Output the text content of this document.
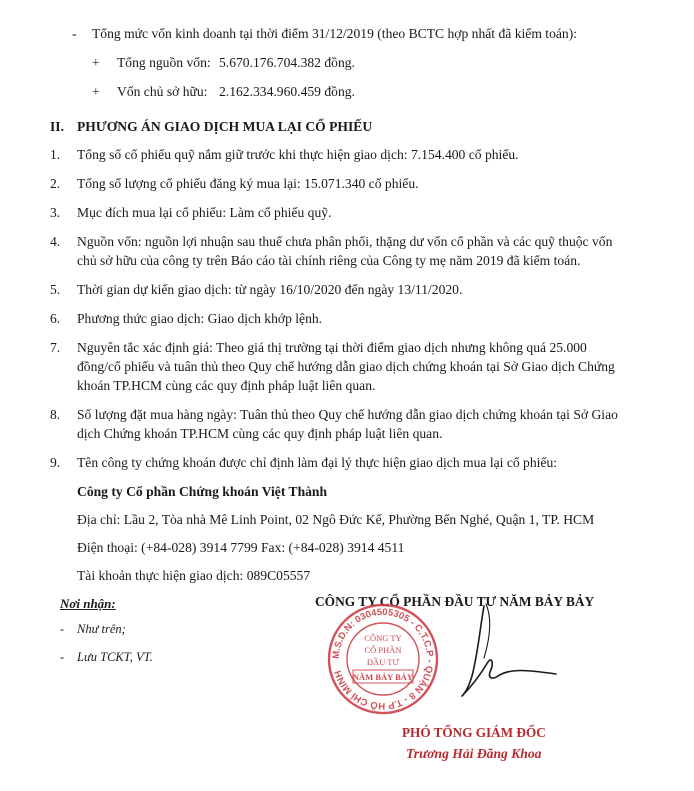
- Tổng mức vốn kinh doanh tại thời điểm 31/12/2019 (theo BCTC hợp nhất đã kiểm toán):
+ Tổng nguồn vốn: 5.670.176.704.382 đồng.
+ Vốn chủ sở hữu: 2.162.334.960.459 đồng.
II. PHƯƠNG ÁN GIAO DỊCH MUA LẠI CỔ PHIẾU
1. Tổng số cổ phiếu quỹ nắm giữ trước khi thực hiện giao dịch: 7.154.400 cổ phiếu.
2. Tổng số lượng cổ phiếu đăng ký mua lại: 15.071.340 cổ phiếu.
3. Mục đích mua lại cổ phiếu: Làm cổ phiếu quỹ.
4. Nguồn vốn: nguồn lợi nhuận sau thuế chưa phân phối, thặng dư vốn cổ phần và các quỹ thuộc vốn
chủ sở hữu của công ty trên Báo cáo tài chính riêng của Công ty mẹ năm 2019 đã kiểm toán.
5. Thời gian dự kiến giao dịch: từ ngày 16/10/2020 đến ngày 13/11/2020.
6. Phương thức giao dịch: Giao dịch khớp lệnh.
7. Nguyên tắc xác định giá: Theo giá thị trường tại thời điểm giao dịch nhưng không quá 25.000
đồng/cổ phiếu và tuân thủ theo Quy chế hướng dẫn giao dịch chứng khoán tại Sở Giao dịch Chứng
khoán TP.HCM cùng các quy định pháp luật liên quan.
8. Số lượng đặt mua hàng ngày: Tuân thủ theo Quy chế hướng dẫn giao dịch chứng khoán tại Sở Giao
dịch Chứng khoán TP.HCM cùng các quy định pháp luật liên quan.
9. Tên công ty chứng khoán được chỉ định làm đại lý thực hiện giao dịch mua lại cổ phiếu:
Công ty Cổ phần Chứng khoán Việt Thành
Địa chỉ: Lầu 2, Tòa nhà Mê Linh Point, 02 Ngô Đức Kế, Phường Bến Nghé, Quận 1, TP. HCM
Điện thoại: (+84-028) 3914 7799 Fax: (+84-028) 3914 4511
Tài khoản thực hiện giao dịch: 089C05557
Nơi nhận:
- Như trên;
- Lưu TCKT, VT.
CÔNG TY CỔ PHẦN ĐẦU TƯ NĂM BẢY BẢY
M.S.D.N: 0304505305 - C.T.C.P - QUẬN 8 - T.P HỒ CHÍ MINH
CÔNG TY
CỔ PHẦN
ĐẦU TƯ
NĂM BẢY BẢY
PHÓ TỔNG GIÁM ĐỐC
Trương Hải Đăng Khoa
